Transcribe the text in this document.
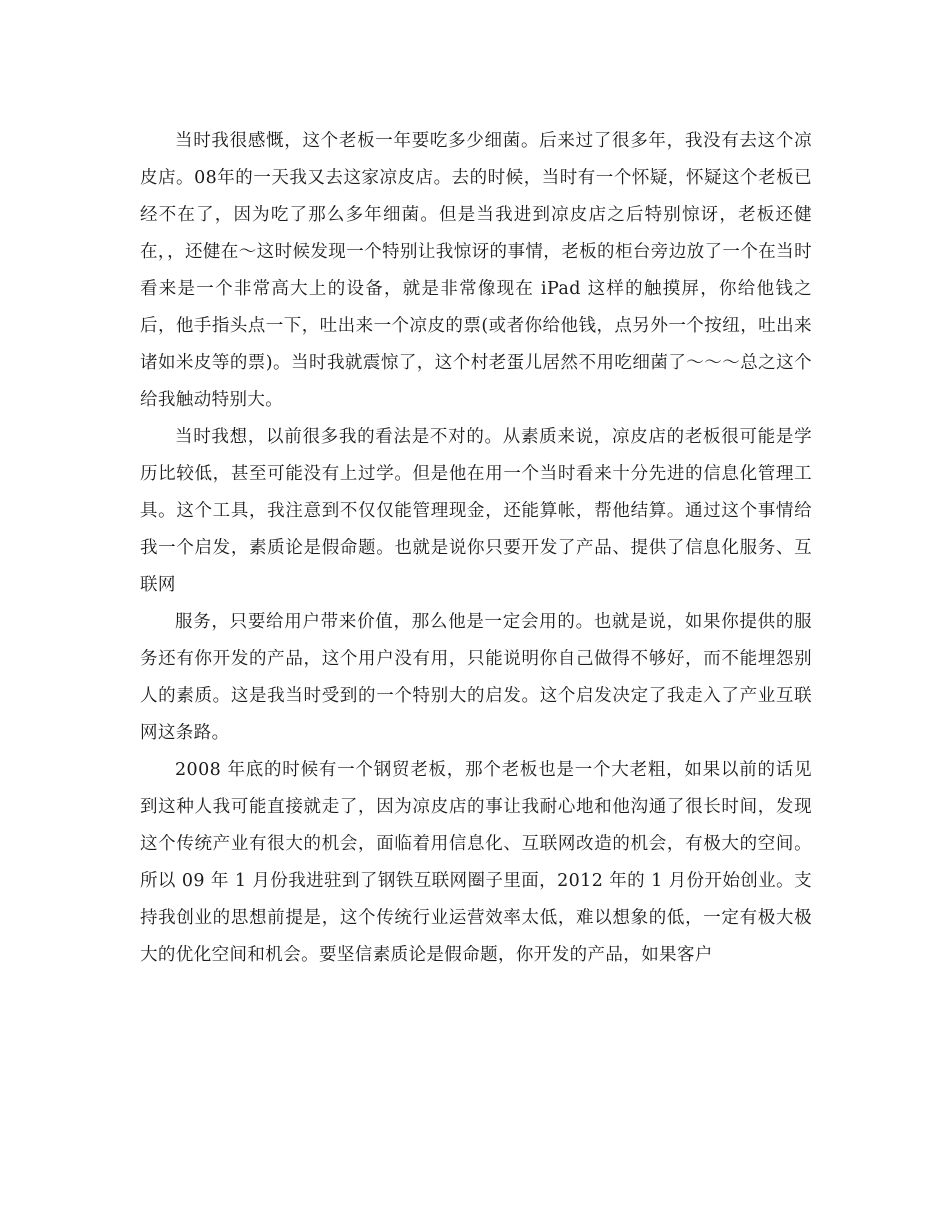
当时我很感慨，这个老板一年要吃多少细菌。后来过了很多年，我没有去这个凉皮店。08年的一天我又去这家凉皮店。去的时候，当时有一个怀疑，怀疑这个老板已经不在了，因为吃了那么多年细菌。但是当我进到凉皮店之后特别惊讶，老板还健在，，还健在～这时候发现一个特别让我惊讶的事情，老板的柜台旁边放了一个在当时看来是一个非常高大上的设备，就是非常像现在 iPad 这样的触摸屏，你给他钱之后，他手指头点一下，吐出来一个凉皮的票(或者你给他钱，点另外一个按纽，吐出来诸如米皮等的票)。当时我就震惊了，这个村老蛋儿居然不用吃细菌了～～～总之这个给我触动特别大。

当时我想，以前很多我的看法是不对的。从素质来说，凉皮店的老板很可能是学历比较低，甚至可能没有上过学。但是他在用一个当时看来十分先进的信息化管理工具。这个工具，我注意到不仅仅能管理现金，还能算帐，帮他结算。通过这个事情给我一个启发，素质论是假命题。也就是说你只要开发了产品、提供了信息化服务、互联网

服务，只要给用户带来价值，那么他是一定会用的。也就是说，如果你提供的服务还有你开发的产品，这个用户没有用，只能说明你自己做得不够好，而不能埋怨别人的素质。这是我当时受到的一个特别大的启发。这个启发决定了我走入了产业互联网这条路。

2008 年底的时候有一个钢贸老板，那个老板也是一个大老粗，如果以前的话见到这种人我可能直接就走了，因为凉皮店的事让我耐心地和他沟通了很长时间，发现这个传统产业有很大的机会，面临着用信息化、互联网改造的机会，有极大的空间。所以 09 年 1 月份我进驻到了钢铁互联网圈子里面，2012 年的 1 月份开始创业。支持我创业的思想前提是，这个传统行业运营效率太低，难以想象的低，一定有极大极大的优化空间和机会。要坚信素质论是假命题，你开发的产品，如果客户
